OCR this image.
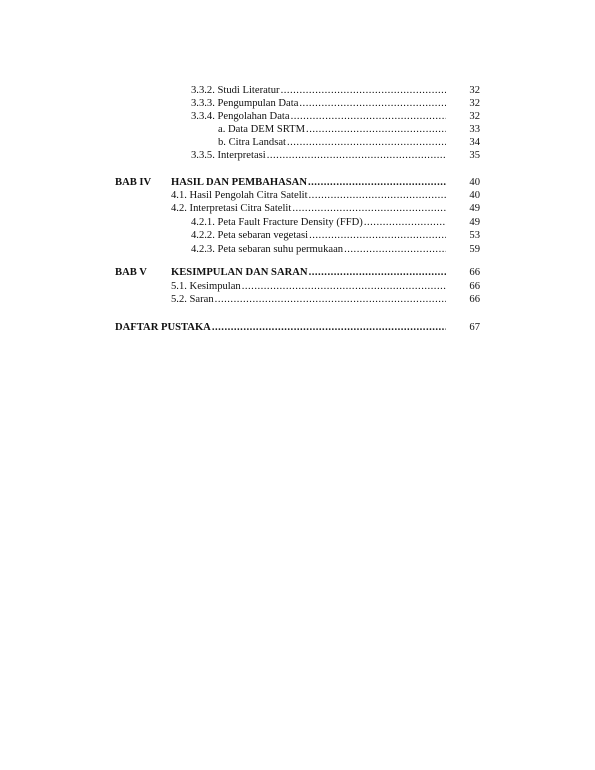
3.3.2. Studi Literatur .....	32
3.3.3. Pengumpulan Data .....	32
3.3.4. Pengolahan Data .....	32
a. Data DEM SRTM .....	33
b. Citra Landsat .....	34
3.3.5. Interpretasi .....	35
BAB IV HASIL DAN PEMBAHASAN .....	40
4.1. Hasil Pengolah Citra Satelit .....	40
4.2. Interpretasi Citra Satelit .....	49
4.2.1. Peta Fault Fracture Density (FFD) .....	49
4.2.2. Peta sebaran vegetasi .....	53
4.2.3. Peta sebaran suhu permukaan .....	59
BAB V KESIMPULAN DAN SARAN .....	66
5.1. Kesimpulan .....	66
5.2. Saran .....	66
DAFTAR PUSTAKA .....	67
